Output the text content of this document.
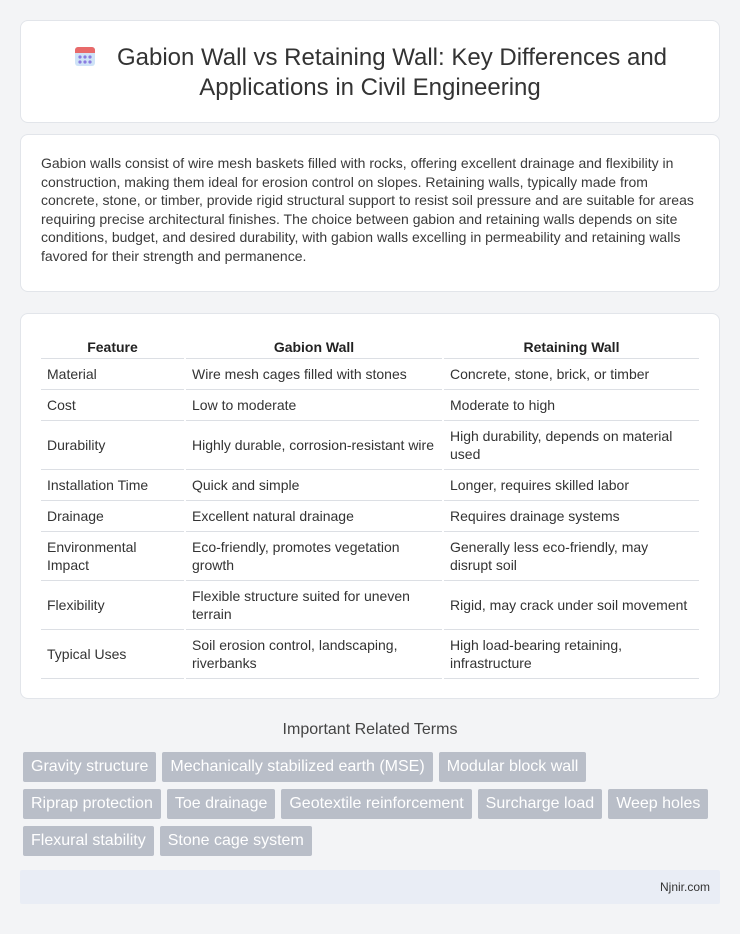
Gabion Wall vs Retaining Wall: Key Differences and Applications in Civil Engineering

Gabion walls consist of wire mesh baskets filled with rocks, offering excellent drainage and flexibility in construction, making them ideal for erosion control on slopes. Retaining walls, typically made from concrete, stone, or timber, provide rigid structural support to resist soil pressure and are suitable for areas requiring precise architectural finishes. The choice between gabion and retaining walls depends on site conditions, budget, and desired durability, with gabion walls excelling in permeability and retaining walls favored for their strength and permanence.

Feature	Gabion Wall	Retaining Wall
Material	Wire mesh cages filled with stones	Concrete, stone, brick, or timber
Cost	Low to moderate	Moderate to high
Durability	Highly durable, corrosion-resistant wire	High durability, depends on material used
Installation Time	Quick and simple	Longer, requires skilled labor
Drainage	Excellent natural drainage	Requires drainage systems
Environmental Impact	Eco-friendly, promotes vegetation growth	Generally less eco-friendly, may disrupt soil
Flexibility	Flexible structure suited for uneven terrain	Rigid, may crack under soil movement
Typical Uses	Soil erosion control, landscaping, riverbanks	High load-bearing retaining, infrastructure
Important Related Terms
Gravity structure	Mechanically stabilized earth (MSE)	Modular block wall
Riprap protection	Toe drainage	Geotextile reinforcement	Surcharge load	Weep holes
Flexural stability	Stone cage system
Njnir.com
